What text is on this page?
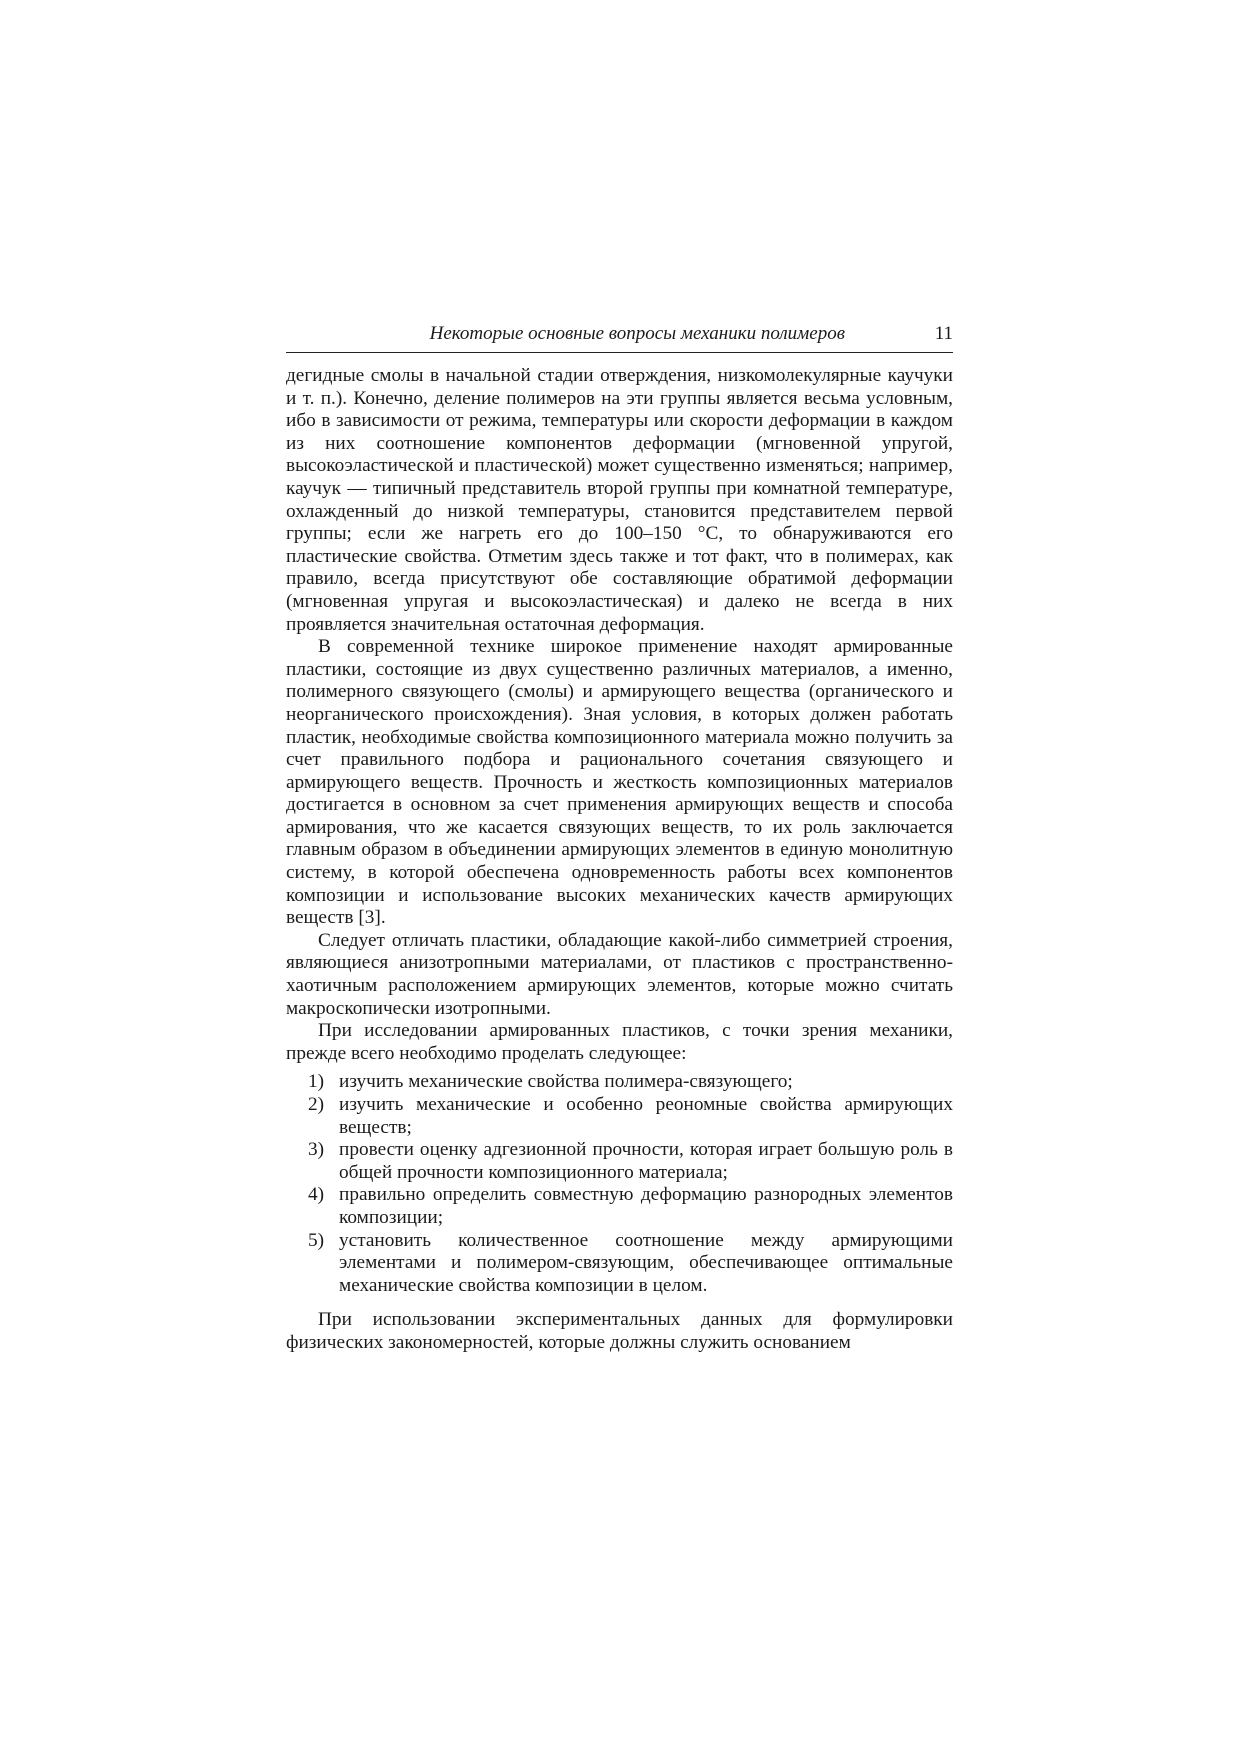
Некоторые основные вопросы механики полимеров	11

дегидные смолы в начальной стадии отверждения, низкомолекулярные каучуки и т. п.). Конечно, деление полимеров на эти группы является весьма условным, ибо в зависимости от режима, температуры или скорости деформации в каждом из них соотношение компонентов деформации (мгновенной упругой, высокоэластической и пластической) может существенно изменяться; например, каучук — типичный представитель второй группы при комнатной температуре, охлажденный до низкой температуры, становится представителем первой группы; если же нагреть его до 100–150 °C, то обнаруживаются его пластические свойства. Отметим здесь также и тот факт, что в полимерах, как правило, всегда присутствуют обе составляющие обратимой деформации (мгновенная упругая и высокоэластическая) и далеко не всегда в них проявляется значительная остаточная деформация.

В современной технике широкое применение находят армированные пластики, состоящие из двух существенно различных материалов, а именно, полимерного связующего (смолы) и армирующего вещества (органического и неорганического происхождения). Зная условия, в которых должен работать пластик, необходимые свойства композиционного материала можно получить за счет правильного подбора и рационального сочетания связующего и армирующего веществ. Прочность и жесткость композиционных материалов достигается в основном за счет применения армирующих веществ и способа армирования, что же касается связующих веществ, то их роль заключается главным образом в объединении армирующих элементов в единую монолитную систему, в которой обеспечена одновременность работы всех компонентов композиции и использование высоких механических качеств армирующих веществ [3].

Следует отличать пластики, обладающие какой-либо симметрией строения, являющиеся анизотропными материалами, от пластиков с пространственно-хаотичным расположением армирующих элементов, которые можно считать макроскопически изотропными.

При исследовании армированных пластиков, с точки зрения механики, прежде всего необходимо проделать следующее:

1) изучить механические свойства полимера-связующего;
2) изучить механические и особенно реономные свойства армирующих веществ;
3) провести оценку адгезионной прочности, которая играет большую роль в общей прочности композиционного материала;
4) правильно определить совместную деформацию разнородных элементов композиции;
5) установить количественное соотношение между армирующими элементами и полимером-связующим, обеспечивающее оптимальные механические свойства композиции в целом.

При использовании экспериментальных данных для формулировки физических закономерностей, которые должны служить основанием
